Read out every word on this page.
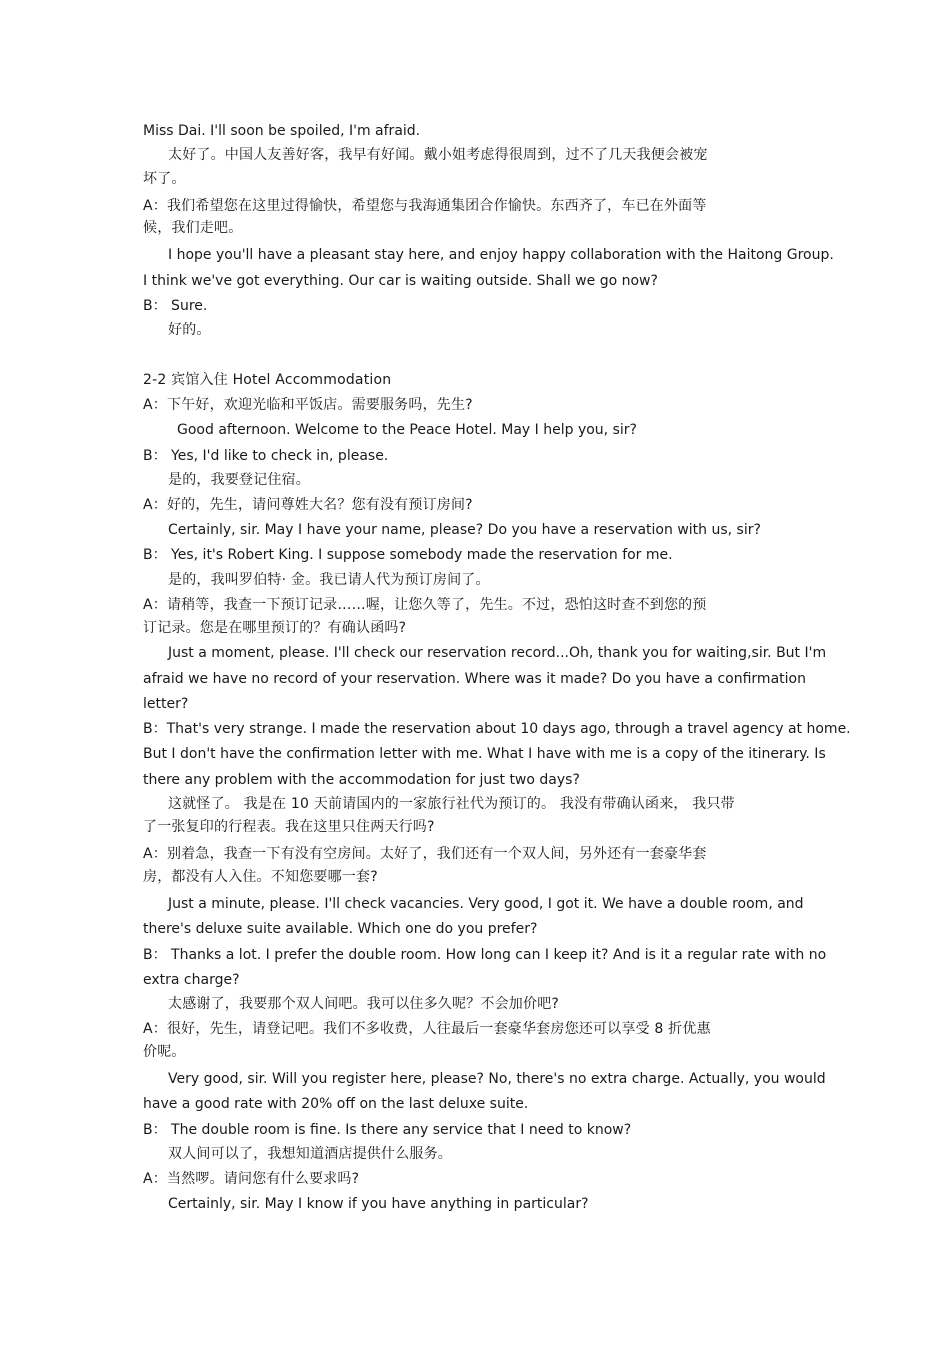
Miss Dai. I'll soon be spoiled, I'm afraid.
太好了。中国人友善好客，我早有好闻。戴小姐考虑得很周到，过不了几天我便会被宠
坏了。
A：我们希望您在这里过得愉快，希望您与我海通集团合作愉快。东西齐了，车已在外面等
候，我们走吧。
I hope you'll have a pleasant stay here, and enjoy happy collaboration with the Haitong Group.
I think we've got everything. Our car is waiting outside. Shall we go now?
B： Sure.
好的。
2-2 宾馆入住 Hotel Accommodation
A：下午好，欢迎光临和平饭店。需要服务吗，先生?
Good afternoon. Welcome to the Peace Hotel. May I help you, sir?
B： Yes, I'd like to check in, please.
是的，我要登记住宿。
A：好的，先生，请问尊姓大名？您有没有预订房间?
Certainly, sir. May I have your name, please? Do you have a reservation with us, sir?
B： Yes, it's Robert King. I suppose somebody made the reservation for me.
是的，我叫罗伯特· 金。我已请人代为预订房间了。
A：请稍等，我查一下预订记录……喔，让您久等了，先生。不过，恐怕这时查不到您的预
订记录。您是在哪里预订的？有确认函吗?
Just a moment, please. I'll check our reservation record...Oh, thank you for waiting,sir. But I'm
afraid we have no record of your reservation. Where was it made? Do you have a confirmation
letter?
B：That's very strange. I made the reservation about 10 days ago, through a travel agency at home.
But I don't have the confirmation letter with me. What I have with me is a copy of the itinerary. Is
there any problem with the accommodation for just two days?
这就怪了。 我是在 10 天前请国内的一家旅行社代为预订的。 我没有带确认函来， 我只带
了一张复印的行程表。我在这里只住两天行吗?
A：别着急，我查一下有没有空房间。太好了，我们还有一个双人间，另外还有一套豪华套
房，都没有人入住。不知您要哪一套?
Just a minute, please. I'll check vacancies. Very good, I got it. We have a double room, and
there's deluxe suite available. Which one do you prefer?
B： Thanks a lot. I prefer the double room. How long can I keep it? And is it a regular rate with no
extra charge?
太感谢了，我要那个双人间吧。我可以住多久呢？不会加价吧?
A：很好，先生，请登记吧。我们不多收费，人往最后一套豪华套房您还可以享受 8 折优惠
价呢。
Very good, sir. Will you register here, please? No, there's no extra charge. Actually, you would
have a good rate with 20% off on the last deluxe suite.
B： The double room is fine. Is there any service that I need to know?
双人间可以了，我想知道酒店提供什么服务。
A：当然啰。请问您有什么要求吗?
Certainly, sir. May I know if you have anything in particular?
